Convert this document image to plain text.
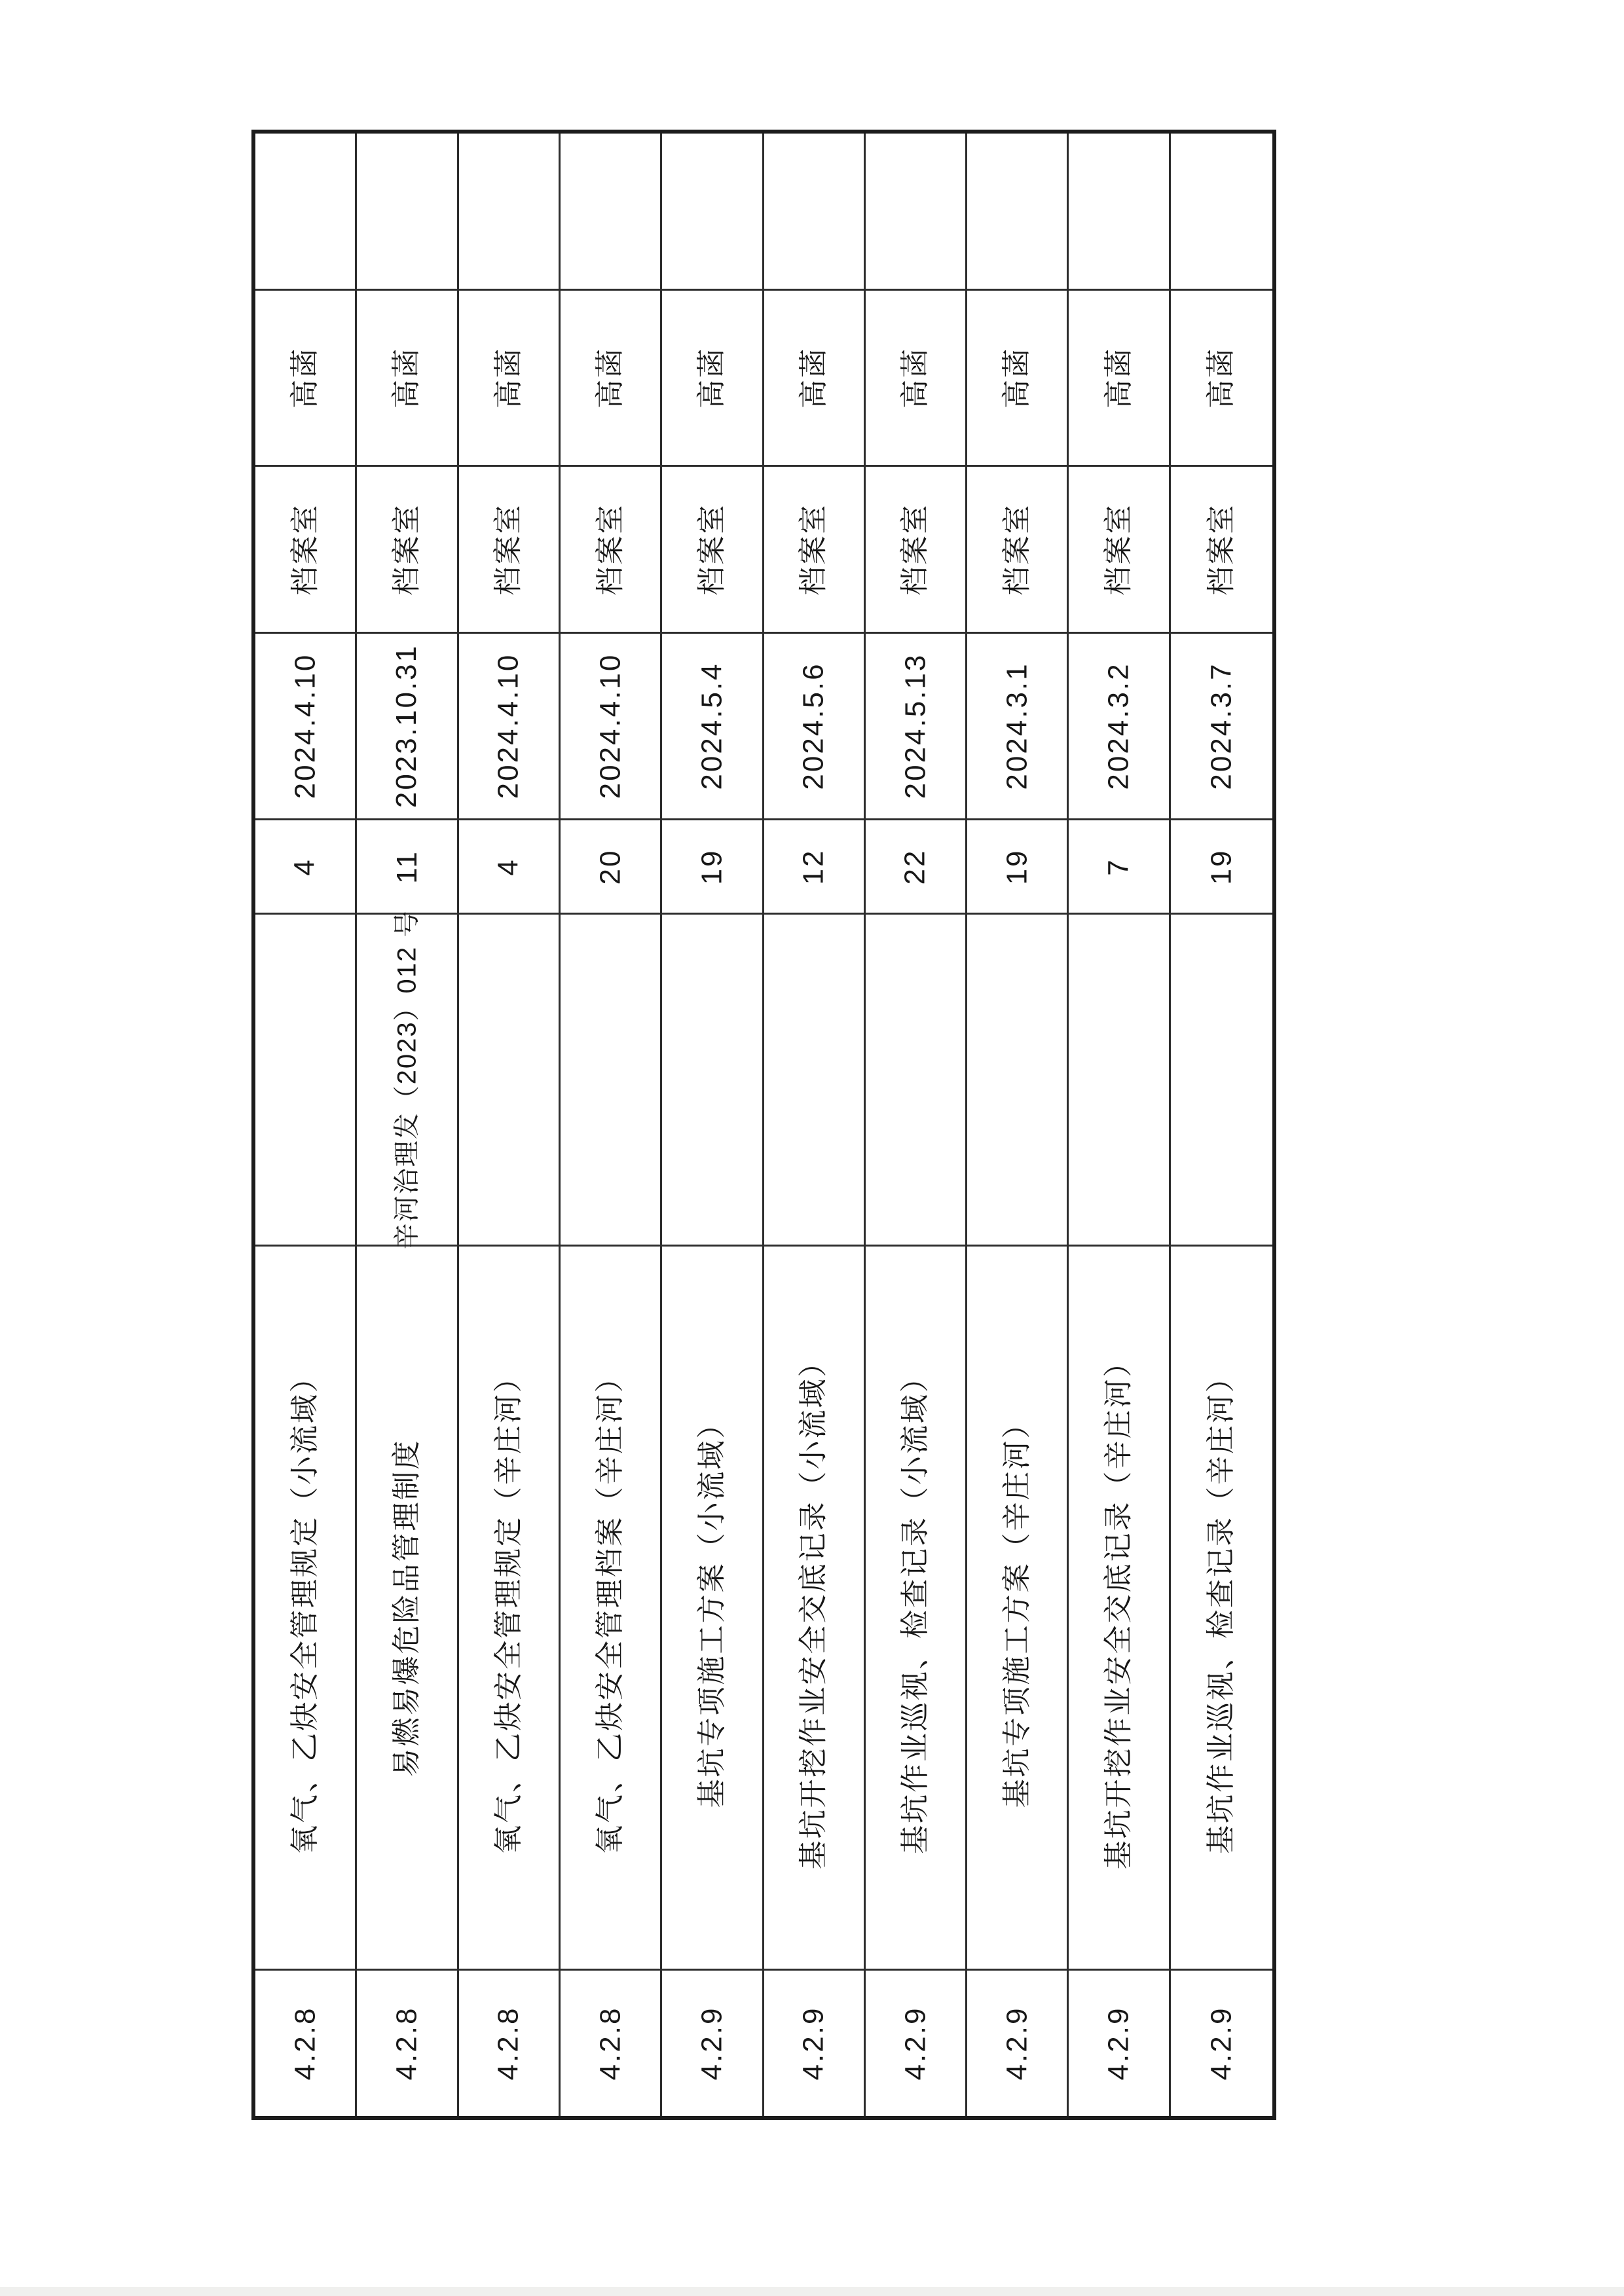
高菡
档案室
2024.4.10
4
氧气、乙炔安全管理规定（小流域）
4.2.8
高菡
档案室
2023.10.31
11
辛河治理发（2023）012 号
易燃易爆危险品管理制度
4.2.8
高菡
档案室
2024.4.10
4
氧气、乙炔安全管理规定（辛庄河）
4.2.8
高菡
档案室
2024.4.10
20
氧气、乙炔安全管理档案（辛庄河）
4.2.8
高菡
档案室
2024.5.4
19
基坑专项施工方案（小流域）
4.2.9
高菡
档案室
2024.5.6
12
基坑开挖作业安全交底记录（小流域）
4.2.9
高菡
档案室
2024.5.13
22
基坑作业巡视、检查记录（小流域）
4.2.9
高菡
档案室
2024.3.1
19
基坑专项施工方案（辛庄河）
4.2.9
高菡
档案室
2024.3.2
7
基坑开挖作业安全交底记录（辛庄河）
4.2.9
高菡
档案室
2024.3.7
19
基坑作业巡视、检查记录（辛庄河）
4.2.9
